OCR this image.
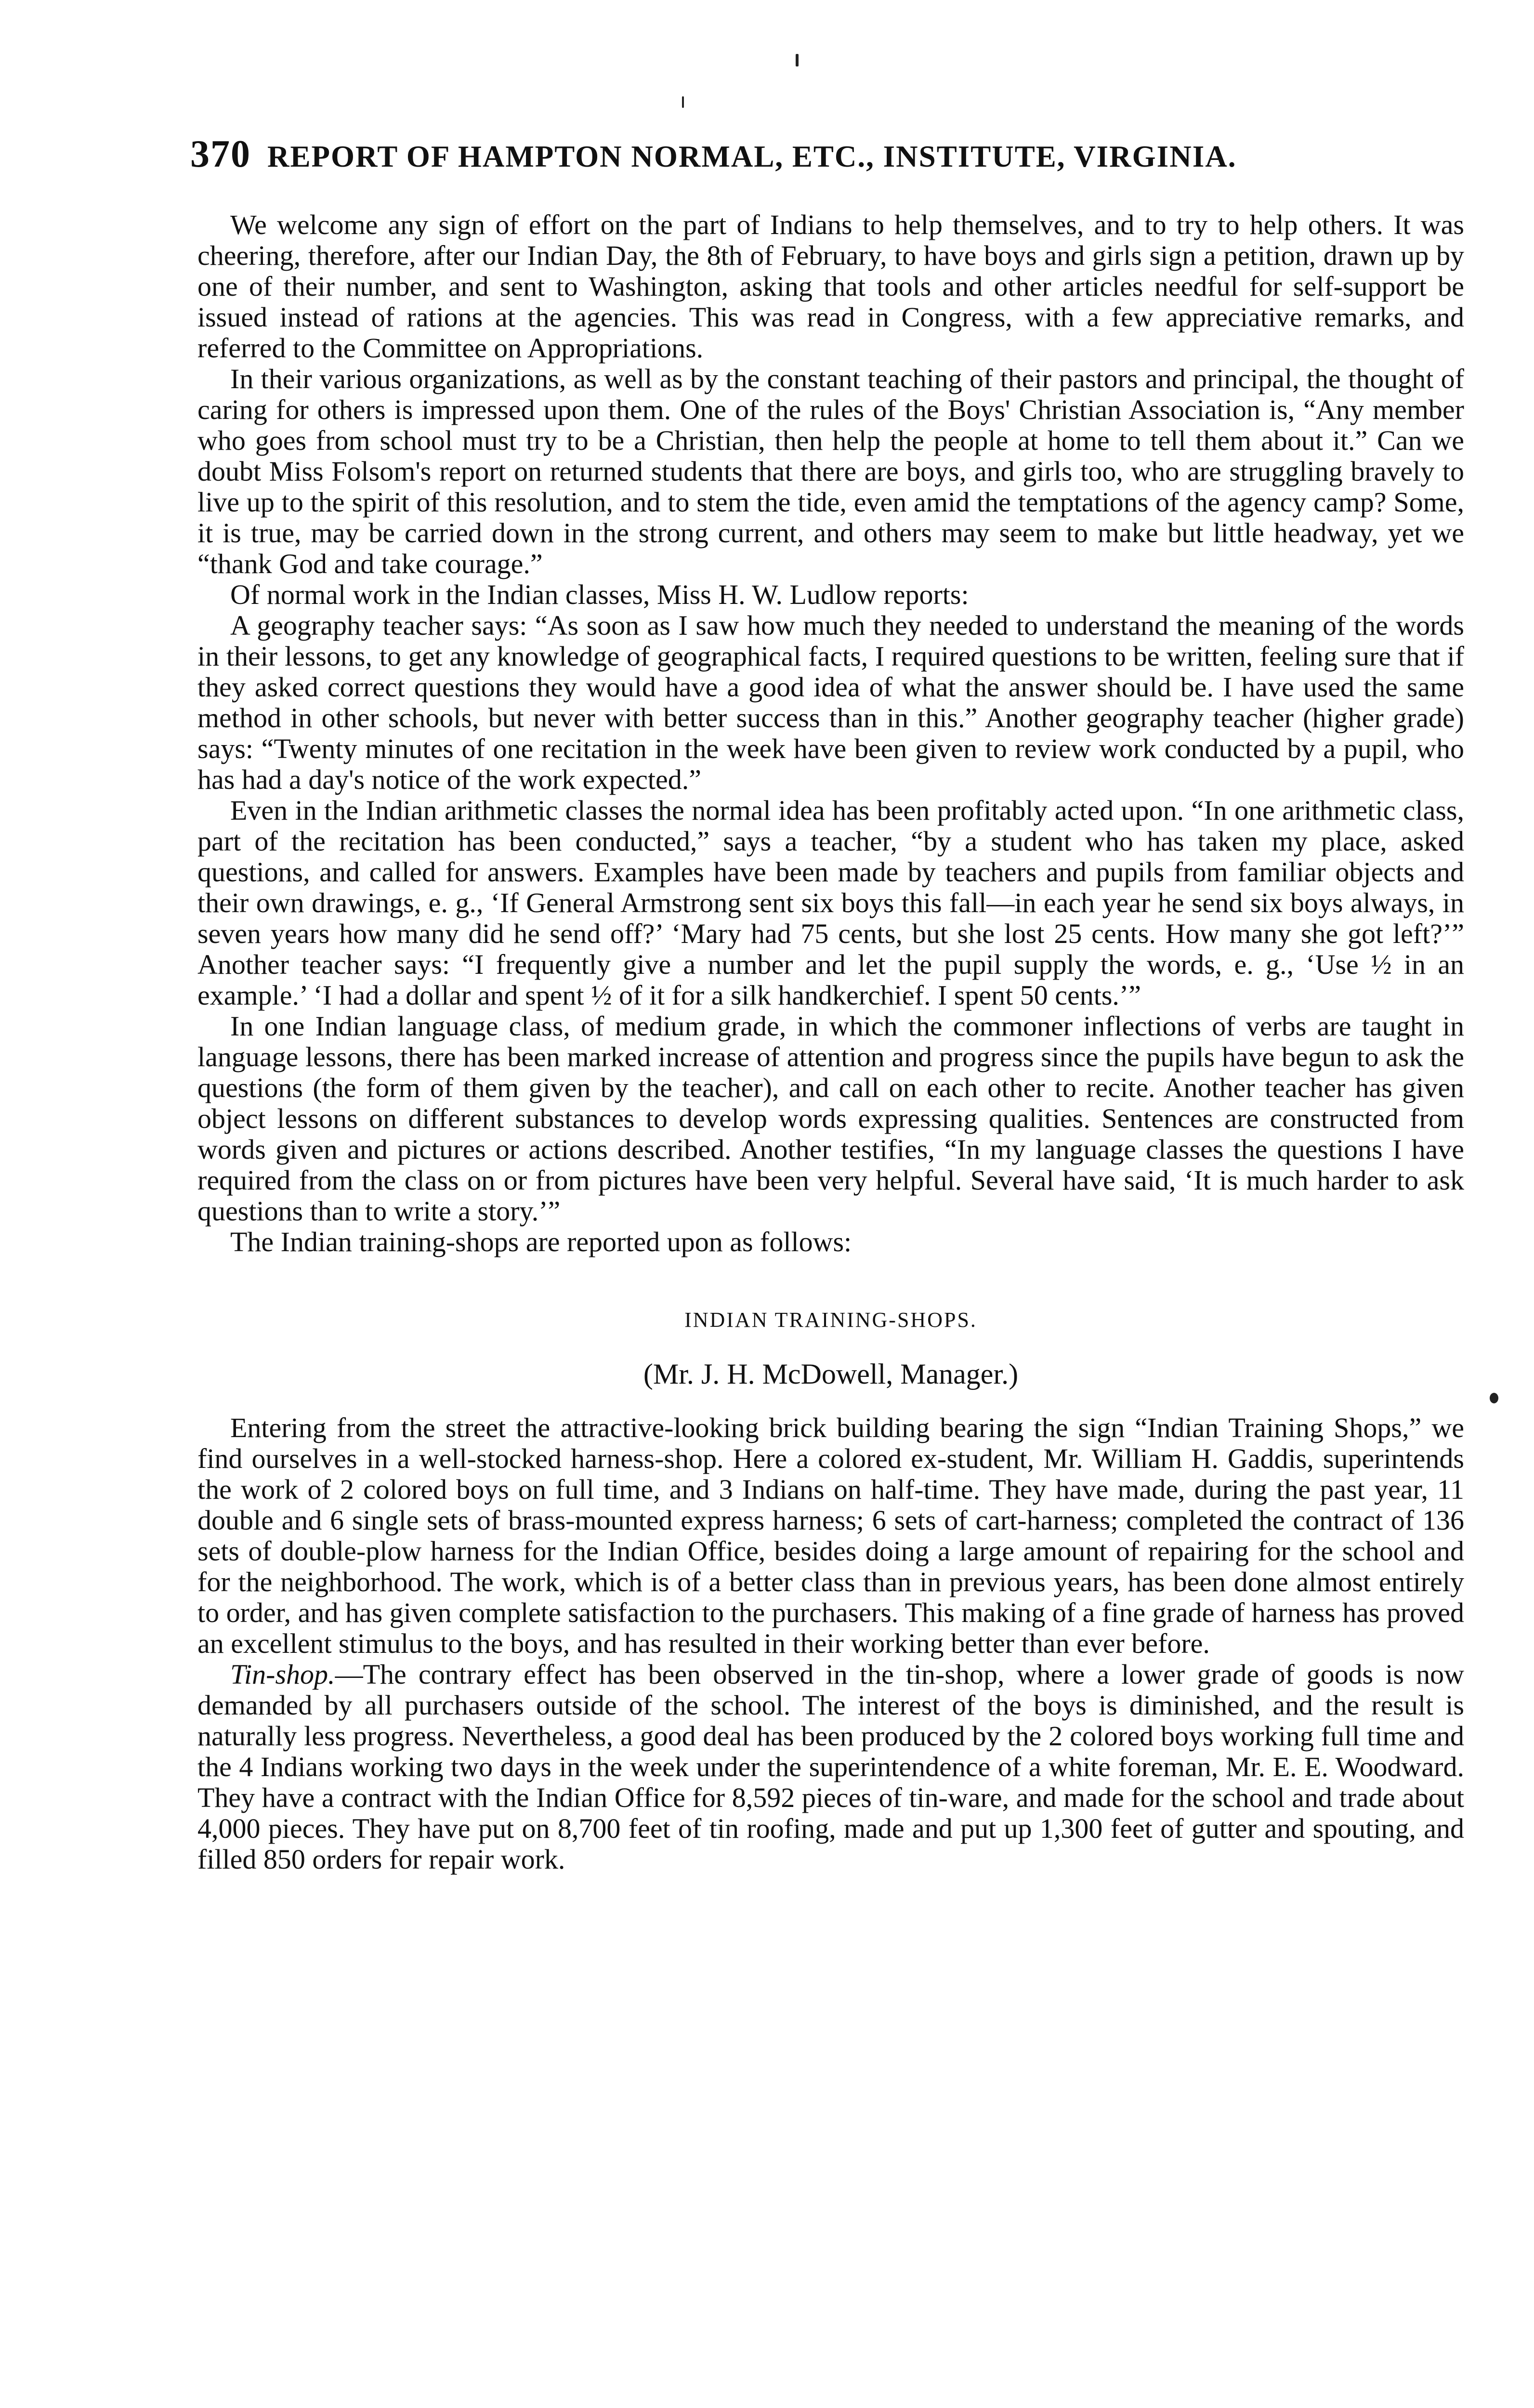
370 REPORT OF HAMPTON NORMAL, ETC., INSTITUTE, VIRGINIA.

We welcome any sign of effort on the part of Indians to help themselves, and to try to help others. It was cheering, therefore, after our Indian Day, the 8th of February, to have boys and girls sign a petition, drawn up by one of their number, and sent to Washington, asking that tools and other articles needful for self-support be issued instead of rations at the agencies. This was read in Congress, with a few appreciative remarks, and referred to the Committee on Appropriations.

In their various organizations, as well as by the constant teaching of their pastors and principal, the thought of caring for others is impressed upon them. One of the rules of the Boys' Christian Association is, “Any member who goes from school must try to be a Christian, then help the people at home to tell them about it.” Can we doubt Miss Folsom's report on returned students that there are boys, and girls too, who are struggling bravely to live up to the spirit of this resolution, and to stem the tide, even amid the temptations of the agency camp? Some, it is true, may be carried down in the strong current, and others may seem to make but little headway, yet we “thank God and take courage.”

Of normal work in the Indian classes, Miss H. W. Ludlow reports:

A geography teacher says: “As soon as I saw how much they needed to understand the meaning of the words in their lessons, to get any knowledge of geographical facts, I required questions to be written, feeling sure that if they asked correct questions they would have a good idea of what the answer should be. I have used the same method in other schools, but never with better success than in this.” Another geography teacher (higher grade) says: “Twenty minutes of one recitation in the week have been given to review work conducted by a pupil, who has had a day's notice of the work expected.”

Even in the Indian arithmetic classes the normal idea has been profitably acted upon. “In one arithmetic class, part of the recitation has been conducted,” says a teacher, “by a student who has taken my place, asked questions, and called for answers. Examples have been made by teachers and pupils from familiar objects and their own drawings, e. g., ‘If General Armstrong sent six boys this fall—in each year he send six boys always, in seven years how many did he send off?’ ‘Mary had 75 cents, but she lost 25 cents. How many she got left?’” Another teacher says: “I frequently give a number and let the pupil supply the words, e. g., ‘Use ½ in an example.’ ‘I had a dollar and spent ½ of it for a silk handkerchief. I spent 50 cents.’”

In one Indian language class, of medium grade, in which the commoner inflections of verbs are taught in language lessons, there has been marked increase of attention and progress since the pupils have begun to ask the questions (the form of them given by the teacher), and call on each other to recite. Another teacher has given object lessons on different substances to develop words expressing qualities. Sentences are constructed from words given and pictures or actions described. Another testifies, “In my language classes the questions I have required from the class on or from pictures have been very helpful. Several have said, ‘It is much harder to ask questions than to write a story.’”

The Indian training-shops are reported upon as follows:

INDIAN TRAINING-SHOPS.

(Mr. J. H. McDowell, Manager.)

Entering from the street the attractive-looking brick building bearing the sign “Indian Training Shops,” we find ourselves in a well-stocked harness-shop. Here a colored ex-student, Mr. William H. Gaddis, superintends the work of 2 colored boys on full time, and 3 Indians on half-time. They have made, during the past year, 11 double and 6 single sets of brass-mounted express harness; 6 sets of cart-harness; completed the contract of 136 sets of double-plow harness for the Indian Office, besides doing a large amount of repairing for the school and for the neighborhood. The work, which is of a better class than in previous years, has been done almost entirely to order, and has given complete satisfaction to the purchasers. This making of a fine grade of harness has proved an excellent stimulus to the boys, and has resulted in their working better than ever before.

Tin-shop.—The contrary effect has been observed in the tin-shop, where a lower grade of goods is now demanded by all purchasers outside of the school. The interest of the boys is diminished, and the result is naturally less progress. Nevertheless, a good deal has been produced by the 2 colored boys working full time and the 4 Indians working two days in the week under the superintendence of a white foreman, Mr. E. E. Woodward. They have a contract with the Indian Office for 8,592 pieces of tin-ware, and made for the school and trade about 4,000 pieces. They have put on 8,700 feet of tin roofing, made and put up 1,300 feet of gutter and spouting, and filled 850 orders for repair work.
